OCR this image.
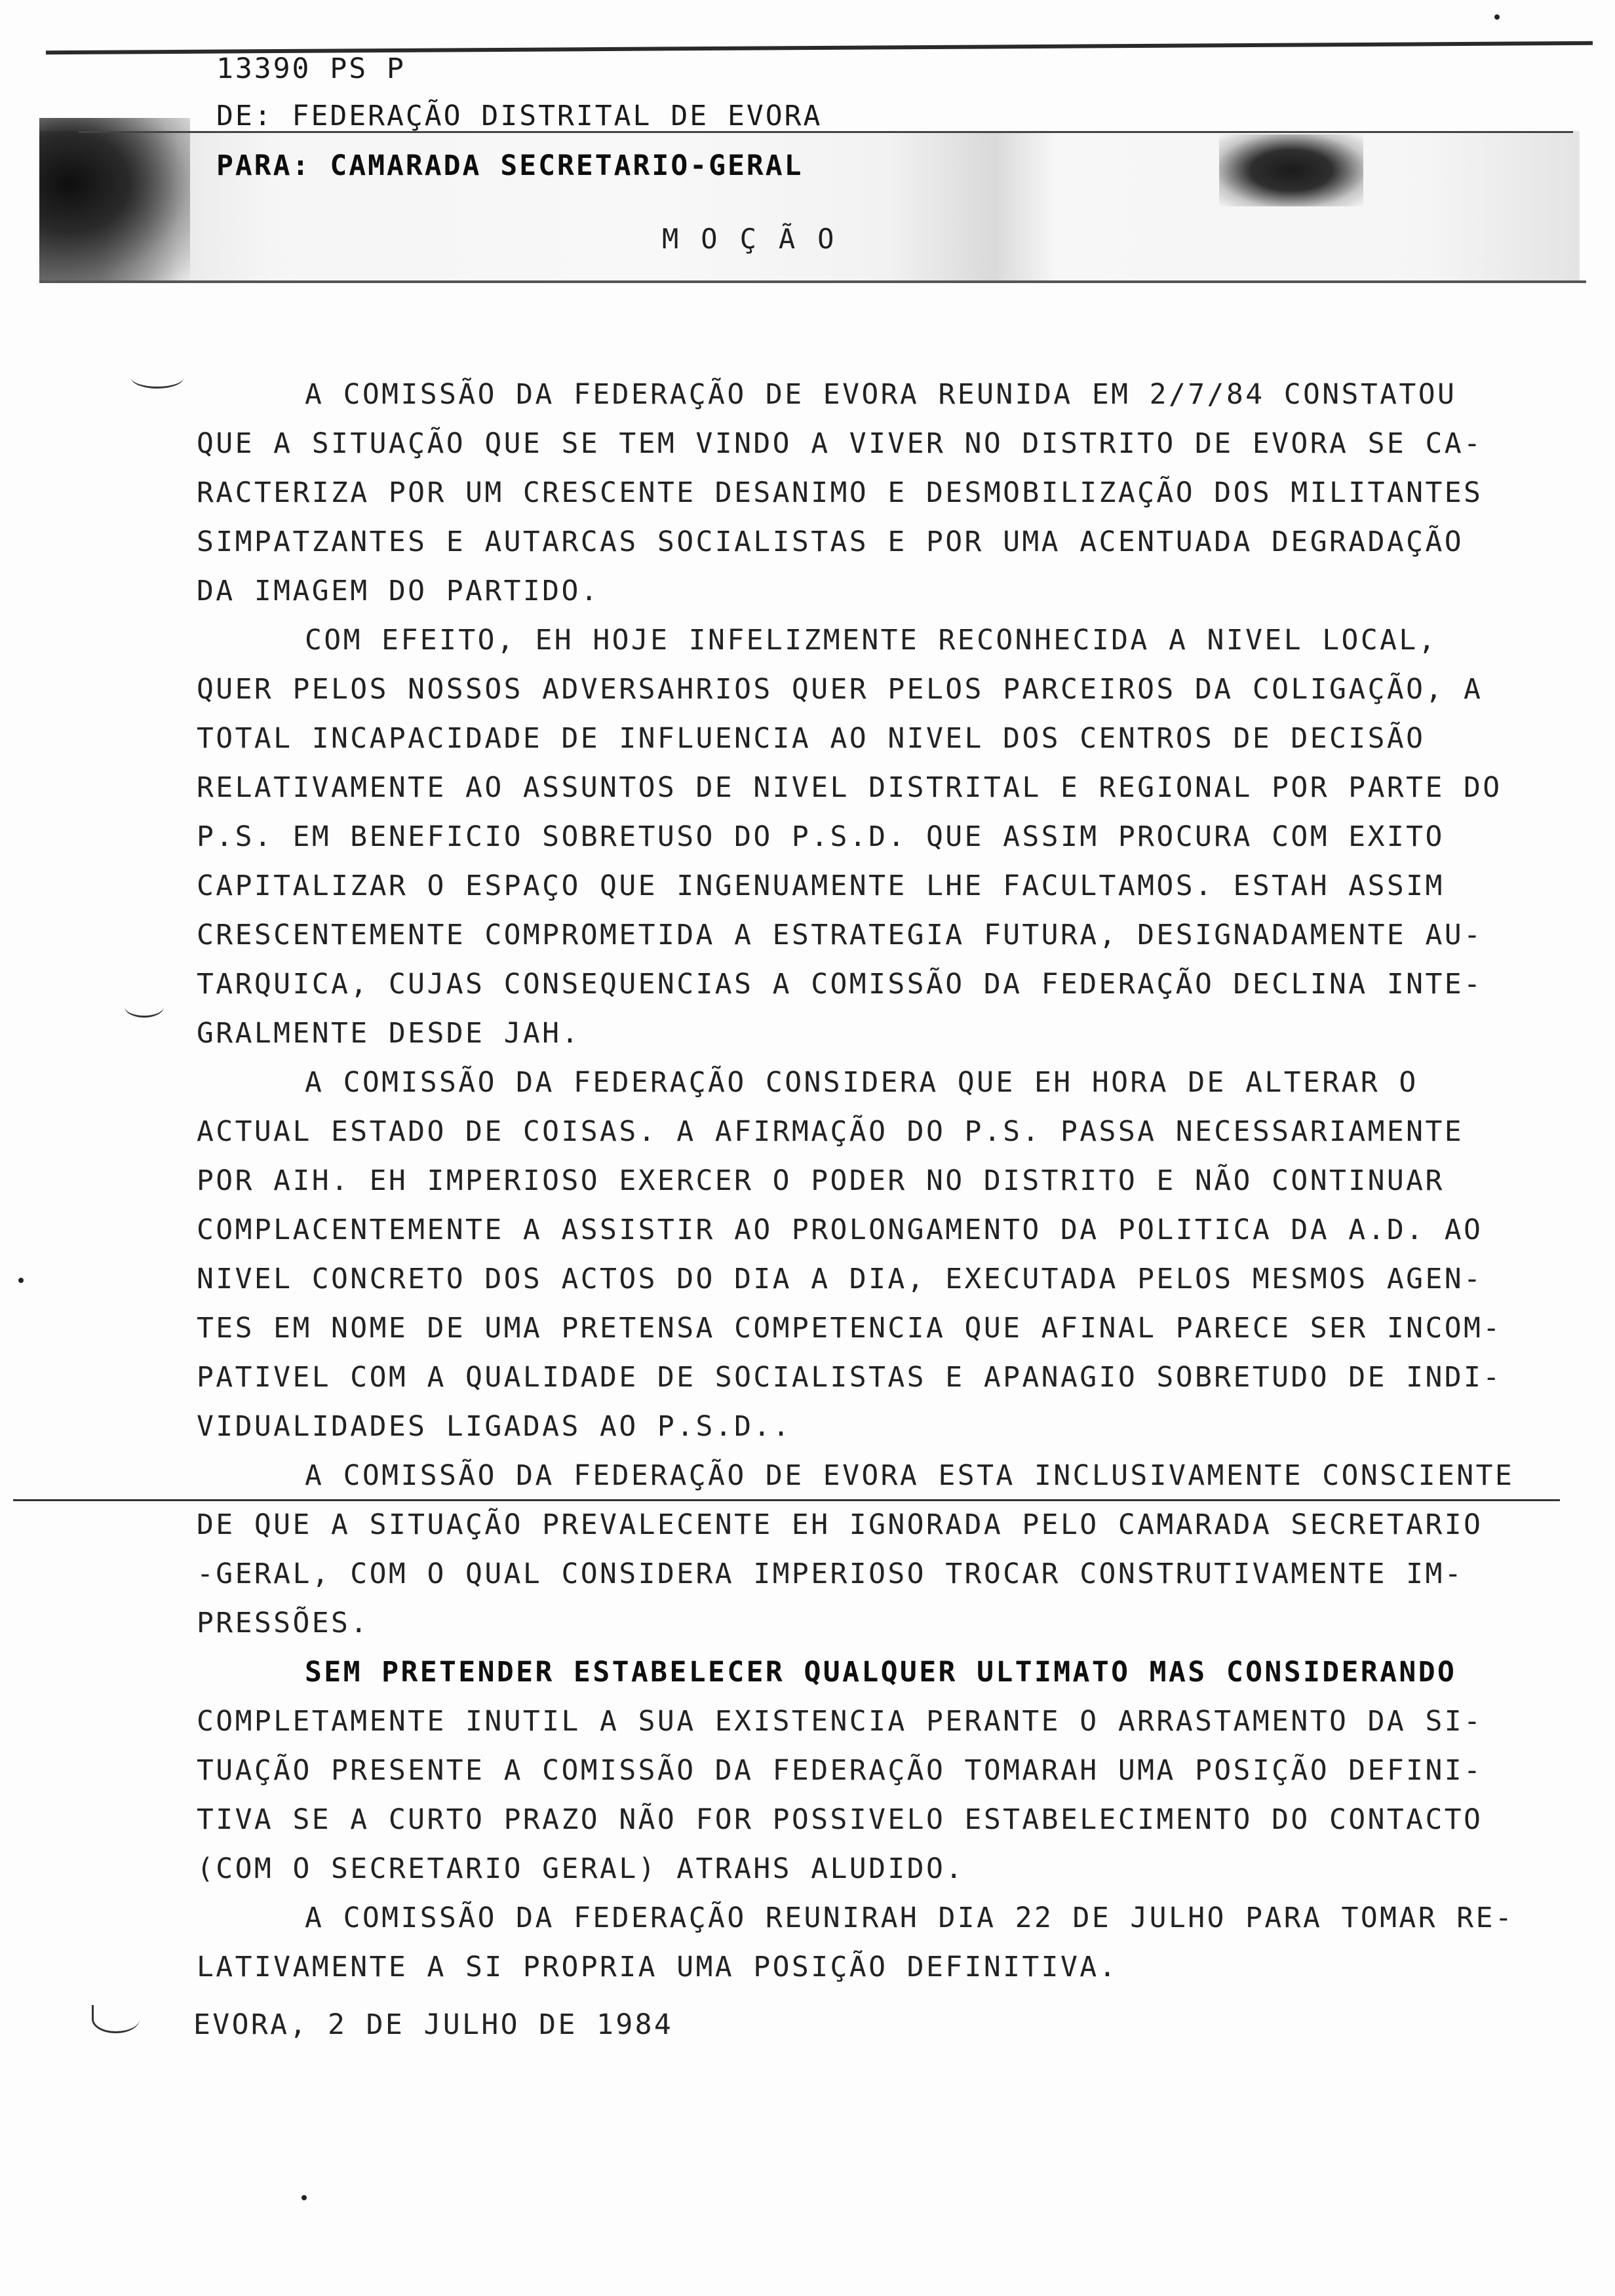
13390 PS P
DE: FEDERAÇÃO DISTRITAL DE EVORA
PARA: CAMARADA SECRETARIO-GERAL
MOÇÃO
A COMISSÃO DA FEDERAÇÃO DE EVORA REUNIDA EM 2/7/84 CONSTATOU
QUE A SITUAÇÃO QUE SE TEM VINDO A VIVER NO DISTRITO DE EVORA SE CA-
RACTERIZA POR UM CRESCENTE DESANIMO E DESMOBILIZAÇÃO DOS MILITANTES
SIMPATZANTES E AUTARCAS SOCIALISTAS E POR UMA ACENTUADA DEGRADAÇÃO
DA IMAGEM DO PARTIDO.
COM EFEITO, EH HOJE INFELIZMENTE RECONHECIDA A NIVEL LOCAL,
QUER PELOS NOSSOS ADVERSAHRIOS QUER PELOS PARCEIROS DA COLIGAÇÃO, A
TOTAL INCAPACIDADE DE INFLUENCIA AO NIVEL DOS CENTROS DE DECISÃO
RELATIVAMENTE AO ASSUNTOS DE NIVEL DISTRITAL E REGIONAL POR PARTE DO
P.S. EM BENEFICIO SOBRETUSO DO P.S.D. QUE ASSIM PROCURA COM EXITO
CAPITALIZAR O ESPAÇO QUE INGENUAMENTE LHE FACULTAMOS. ESTAH ASSIM
CRESCENTEMENTE COMPROMETIDA A ESTRATEGIA FUTURA, DESIGNADAMENTE AU-
TARQUICA, CUJAS CONSEQUENCIAS A COMISSÃO DA FEDERAÇÃO DECLINA INTE-
GRALMENTE DESDE JAH.
A COMISSÃO DA FEDERAÇÃO CONSIDERA QUE EH HORA DE ALTERAR O
ACTUAL ESTADO DE COISAS. A AFIRMAÇÃO DO P.S. PASSA NECESSARIAMENTE
POR AIH. EH IMPERIOSO EXERCER O PODER NO DISTRITO E NÃO CONTINUAR
COMPLACENTEMENTE A ASSISTIR AO PROLONGAMENTO DA POLITICA DA A.D. AO
NIVEL CONCRETO DOS ACTOS DO DIA A DIA, EXECUTADA PELOS MESMOS AGEN-
TES EM NOME DE UMA PRETENSA COMPETENCIA QUE AFINAL PARECE SER INCOM-
PATIVEL COM A QUALIDADE DE SOCIALISTAS E APANAGIO SOBRETUDO DE INDI-
VIDUALIDADES LIGADAS AO P.S.D..
A COMISSÃO DA FEDERAÇÃO DE EVORA ESTA INCLUSIVAMENTE CONSCIENTE
DE QUE A SITUAÇÃO PREVALECENTE EH IGNORADA PELO CAMARADA SECRETARIO
-GERAL, COM O QUAL CONSIDERA IMPERIOSO TROCAR CONSTRUTIVAMENTE IM-
PRESSÕES.
SEM PRETENDER ESTABELECER QUALQUER ULTIMATO MAS CONSIDERANDO
COMPLETAMENTE INUTIL A SUA EXISTENCIA PERANTE O ARRASTAMENTO DA SI-
TUAÇÃO PRESENTE A COMISSÃO DA FEDERAÇÃO TOMARAH UMA POSIÇÃO DEFINI-
TIVA SE A CURTO PRAZO NÃO FOR POSSIVELO ESTABELECIMENTO DO CONTACTO
(COM O SECRETARIO GERAL) ATRAHS ALUDIDO.
A COMISSÃO DA FEDERAÇÃO REUNIRAH DIA 22 DE JULHO PARA TOMAR RE-
LATIVAMENTE A SI PROPRIA UMA POSIÇÃO DEFINITIVA.
EVORA, 2 DE JULHO DE 1984
